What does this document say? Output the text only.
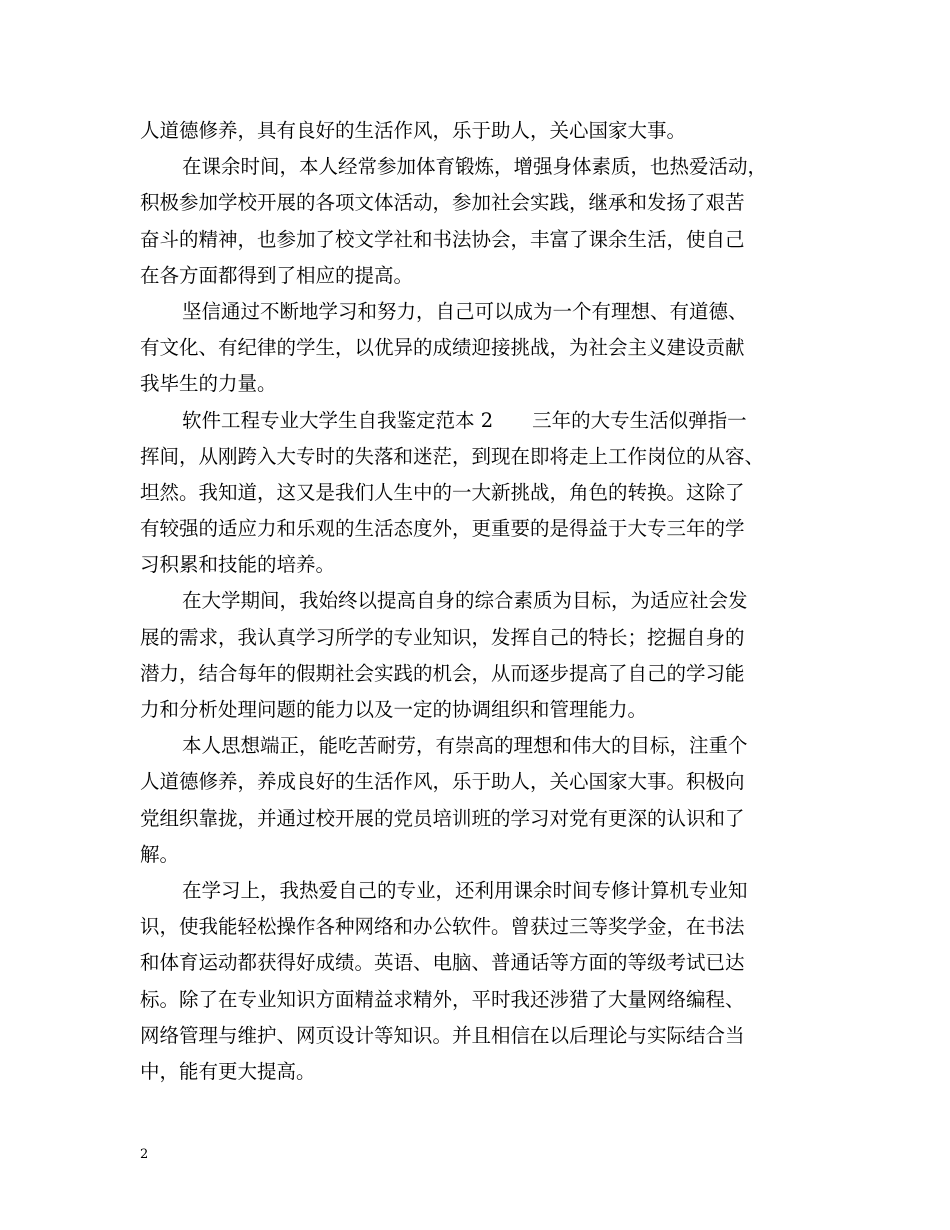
人道德修养，具有良好的生活作风，乐于助人，关心国家大事。
在课余时间，本人经常参加体育锻炼，增强身体素质，也热爱活动，
积极参加学校开展的各项文体活动，参加社会实践，继承和发扬了艰苦
奋斗的精神，也参加了校文学社和书法协会，丰富了课余生活，使自己
在各方面都得到了相应的提高。
坚信通过不断地学习和努力，自己可以成为一个有理想、有道德、
有文化、有纪律的学生，以优异的成绩迎接挑战，为社会主义建设贡献
我毕生的力量。
软件工程专业大学生自我鉴定范本 2　　三年的大专生活似弹指一
挥间，从刚跨入大专时的失落和迷茫，到现在即将走上工作岗位的从容、
坦然。我知道，这又是我们人生中的一大新挑战，角色的转换。这除了
有较强的适应力和乐观的生活态度外，更重要的是得益于大专三年的学
习积累和技能的培养。
在大学期间，我始终以提高自身的综合素质为目标，为适应社会发
展的需求，我认真学习所学的专业知识，发挥自己的特长；挖掘自身的
潜力，结合每年的假期社会实践的机会，从而逐步提高了自己的学习能
力和分析处理问题的能力以及一定的协调组织和管理能力。
本人思想端正，能吃苦耐劳，有崇高的理想和伟大的目标，注重个
人道德修养，养成良好的生活作风，乐于助人，关心国家大事。积极向
党组织靠拢，并通过校开展的党员培训班的学习对党有更深的认识和了
解。
在学习上，我热爱自己的专业，还利用课余时间专修计算机专业知
识，使我能轻松操作各种网络和办公软件。曾获过三等奖学金，在书法
和体育运动都获得好成绩。英语、电脑、普通话等方面的等级考试已达
标。除了在专业知识方面精益求精外，平时我还涉猎了大量网络编程、
网络管理与维护、网页设计等知识。并且相信在以后理论与实际结合当
中，能有更大提高。
2
